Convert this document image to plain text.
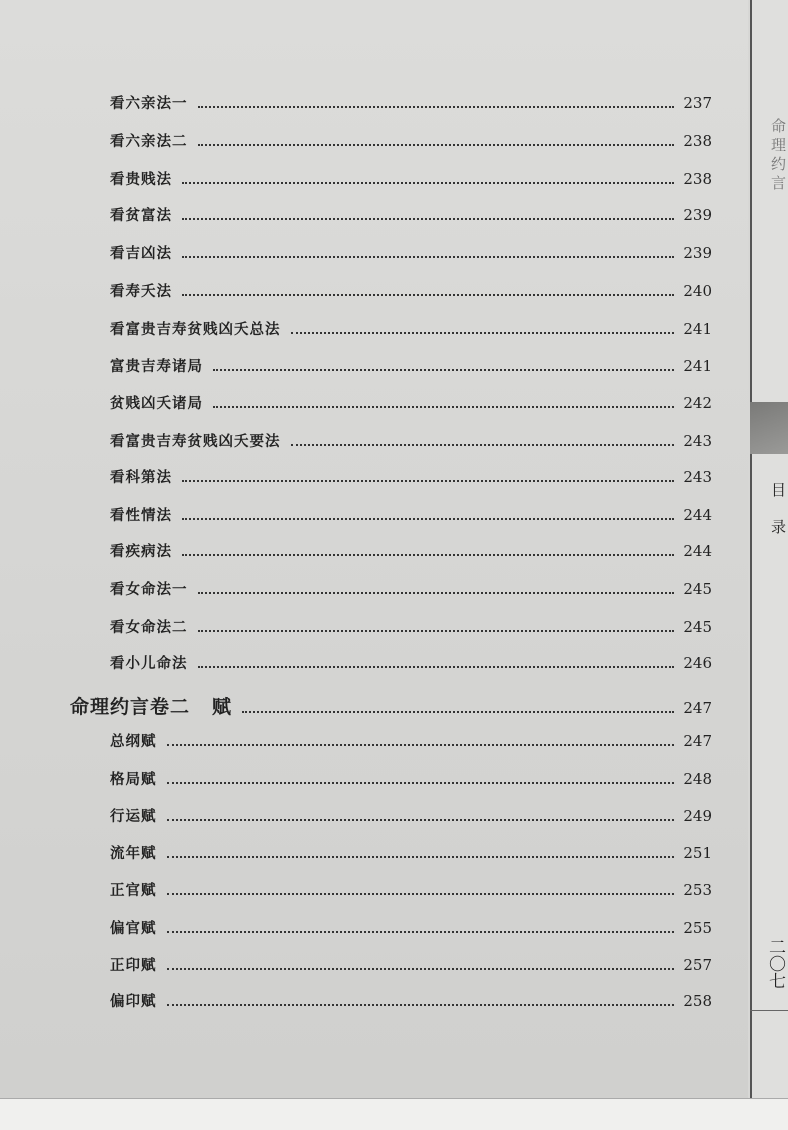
看六亲法一	237
看六亲法二	238
看贵贱法	238
看贫富法	239
看吉凶法	239
看寿夭法	240
看富贵吉寿贫贱凶夭总法	241
富贵吉寿诸局	241
贫贱凶夭诸局	242
看富贵吉寿贫贱凶夭要法	243
看科第法	243
看性情法	244
看疾病法	244
看女命法一	245
看女命法二	245
看小儿命法	246
命理约言卷二 赋	247
总纲赋	247
格局赋	248
行运赋	249
流年赋	251
正官赋	253
偏官赋	255
正印赋	257
偏印赋	258
命理约言
目录
二〇七
